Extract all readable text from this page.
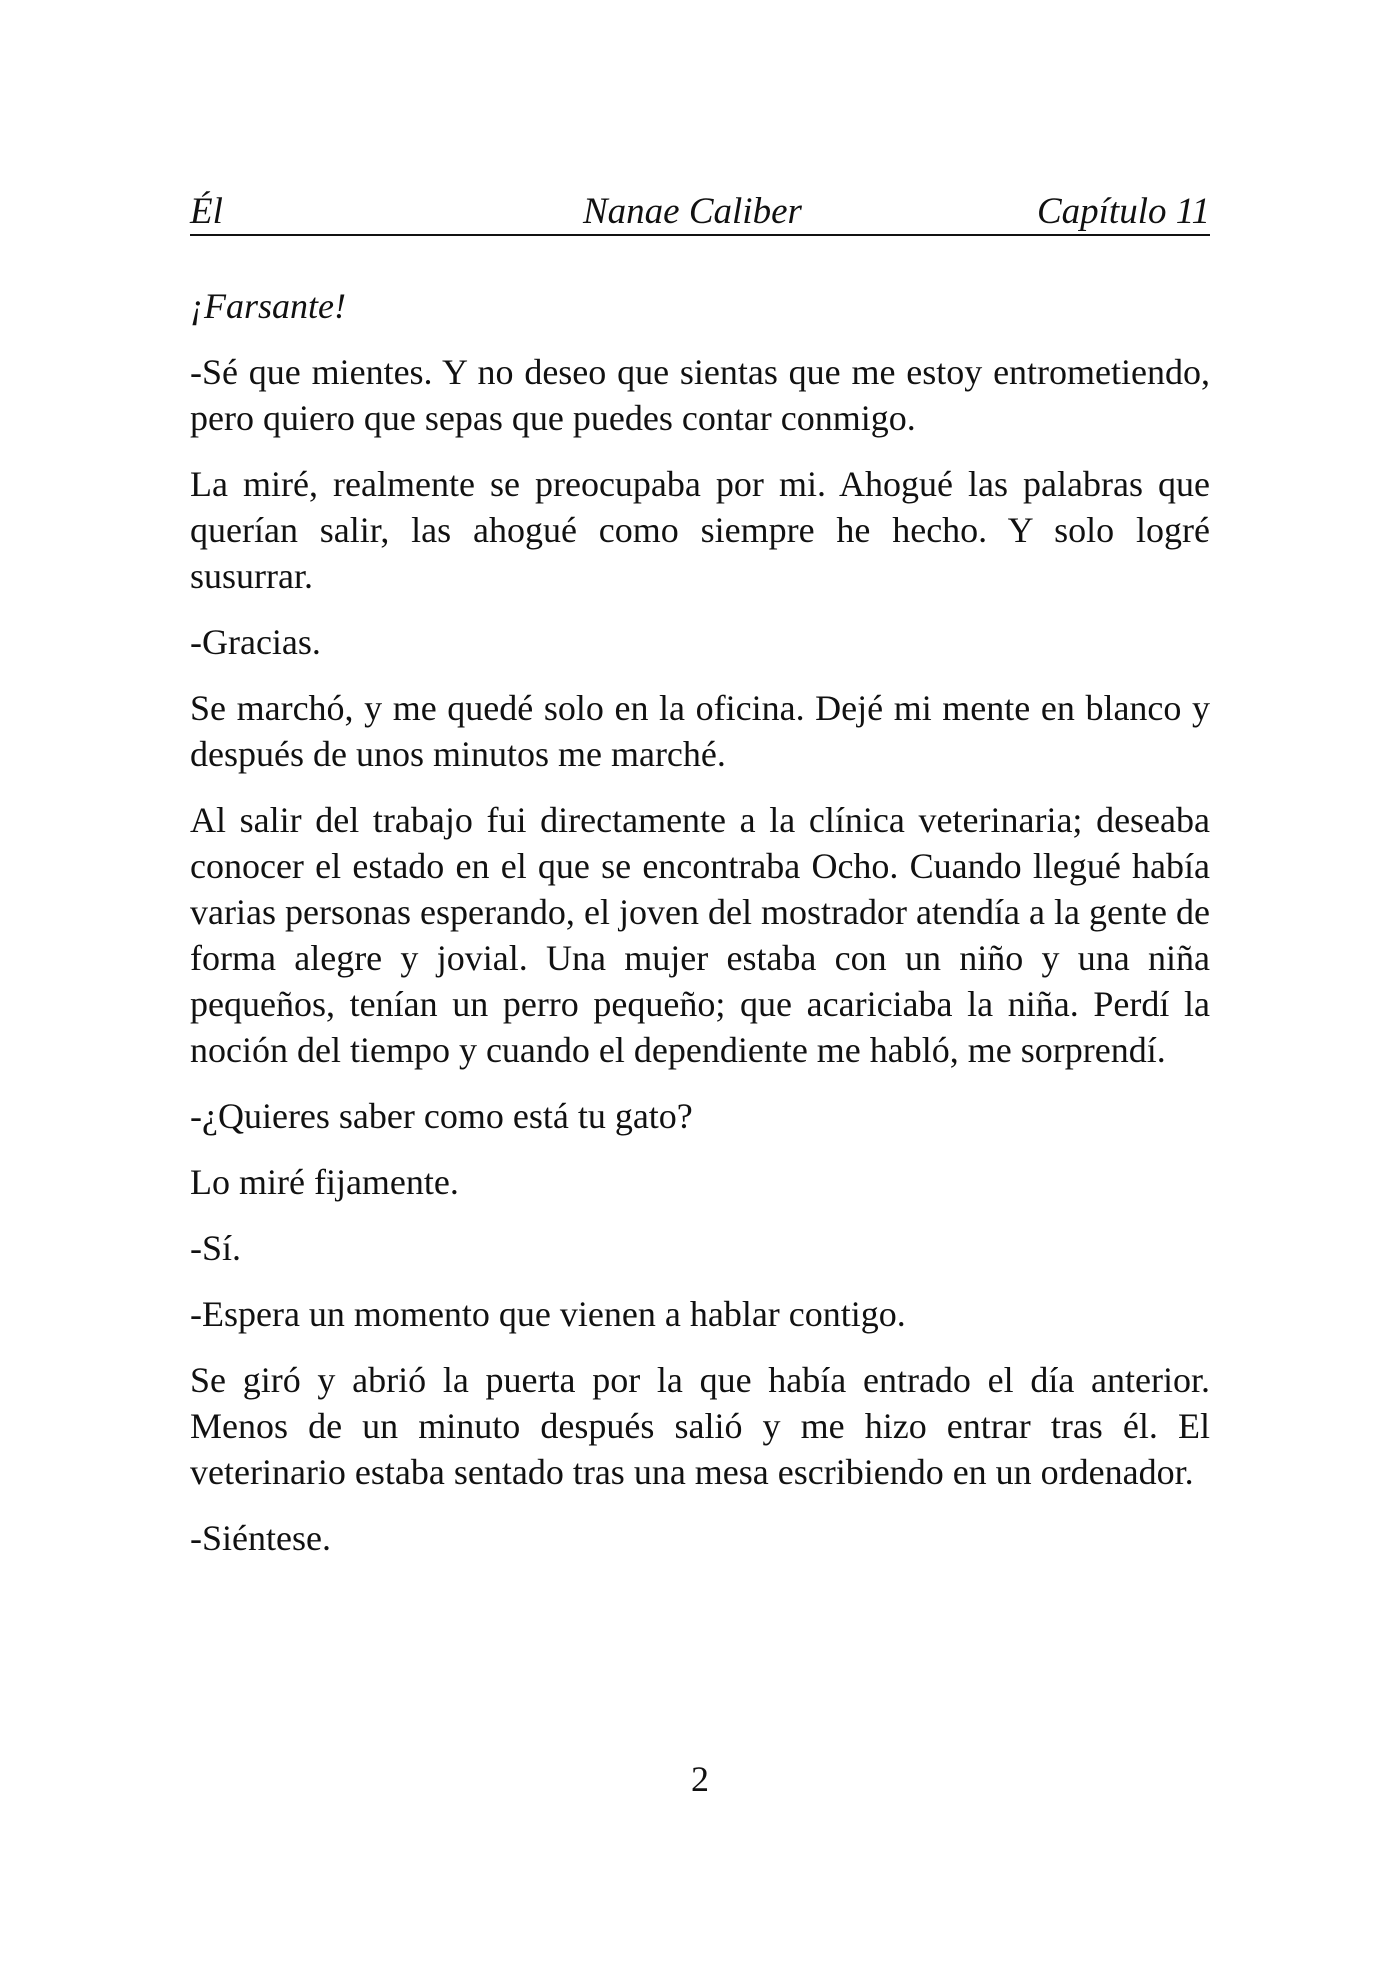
Él	Nanae Caliber	Capítulo 11

¡Farsante!

-Sé que mientes. Y no deseo que sientas que me estoy entrometiendo, pero quiero que sepas que puedes contar conmigo.

La miré, realmente se preocupaba por mi. Ahogué las palabras que querían salir, las ahogué como siempre he hecho. Y solo logré susurrar.

-Gracias.

Se marchó, y me quedé solo en la oficina. Dejé mi mente en blanco y después de unos minutos me marché.

Al salir del trabajo fui directamente a la clínica veterinaria; deseaba conocer el estado en el que se encontraba Ocho. Cuando llegué había varias personas esperando, el joven del mostrador atendía a la gente de forma alegre y jovial. Una mujer estaba con un niño y una niña pequeños, tenían un perro pequeño; que acariciaba la niña. Perdí la noción del tiempo y cuando el dependiente me habló, me sorprendí.

-¿Quieres saber como está tu gato?

Lo miré fijamente.

-Sí.

-Espera un momento que vienen a hablar contigo.

Se giró y abrió la puerta por la que había entrado el día anterior. Menos de un minuto después salió y me hizo entrar tras él. El veterinario estaba sentado tras una mesa escribiendo en un ordenador.

-Siéntese.

2
